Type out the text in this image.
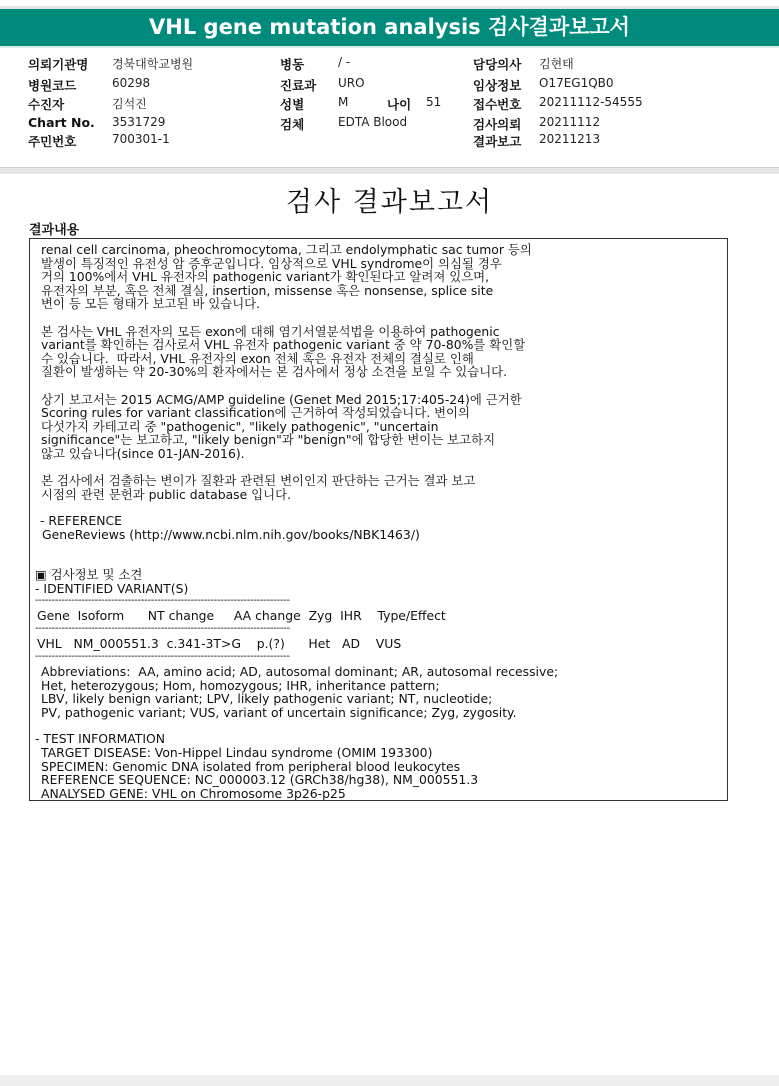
VHL gene mutation analysis 검사결과보고서
의뢰기관명 경북대학교병원	병동	/ -	담당의사 김현태
병원코드	60298	진료과 URO	임상정보 O17EG1QB0
수진자	김석진	성별	M	나이 51	접수번호 20211112-54555
Chart No. 3531729	검체	EDTA Blood	검사의뢰 20211112
주민번호	700301-1	결과보고 20211213
검사 결과보고서
결과내용
renal cell carcinoma, pheochromocytoma, 그리고 endolymphatic sac tumor 등의
발생이 특징적인 유전성 암 증후군입니다. 임상적으로 VHL syndrome이 의심될 경우
거의 100%에서 VHL 유전자의 pathogenic variant가 확인된다고 알려져 있으며,
유전자의 부분, 혹은 전체 결실, insertion, missense 혹은 nonsense, splice site
변이 등 모든 형태가 보고된 바 있습니다.
본 검사는 VHL 유전자의 모든 exon에 대해 염기서열분석법을 이용하여 pathogenic
variant를 확인하는 검사로서 VHL 유전자 pathogenic variant 중 약 70-80%를 확인할
수 있습니다.  따라서, VHL 유전자의 exon 전체 혹은 유전자 전체의 결실로 인해
질환이 발생하는 약 20-30%의 환자에서는 본 검사에서 정상 소견을 보일 수 있습니다.
상기 보고서는 2015 ACMG/AMP guideline (Genet Med 2015;17:405-24)에 근거한
Scoring rules for variant classification에 근거하여 작성되었습니다. 변이의
다섯가지 카테고리 중 "pathogenic", "likely pathogenic", "uncertain
significance"는 보고하고, "likely benign"과 "benign"에 합당한 변이는 보고하지
않고 있습니다(since 01-JAN-2016).
본 검사에서 검출하는 변이가 질환과 관련된 변이인지 판단하는 근거는 결과 보고
시점의 관련 문헌과 public database 입니다.
- REFERENCE
GeneReviews (http://www.ncbi.nlm.nih.gov/books/NBK1463/)
▣ 검사정보 및 소견
- IDENTIFIED VARIANT(S)
-----------------------------------------------------------------------------
Gene  Isoform      NT change     AA change  Zyg  IHR    Type/Effect
-----------------------------------------------------------------------------
VHL   NM_000551.3  c.341-3T>G    p.(?)      Het   AD    VUS
-----------------------------------------------------------------------------
Abbreviations:  AA, amino acid; AD, autosomal dominant; AR, autosomal recessive;
Het, heterozygous; Hom, homozygous; IHR, inheritance pattern;
LBV, likely benign variant; LPV, likely pathogenic variant; NT, nucleotide;
PV, pathogenic variant; VUS, variant of uncertain significance; Zyg, zygosity.
- TEST INFORMATION
TARGET DISEASE: Von-Hippel Lindau syndrome (OMIM 193300)
SPECIMEN: Genomic DNA isolated from peripheral blood leukocytes
REFERENCE SEQUENCE: NC_000003.12 (GRCh38/hg38), NM_000551.3
ANALYSED GENE: VHL on Chromosome 3p26-p25
